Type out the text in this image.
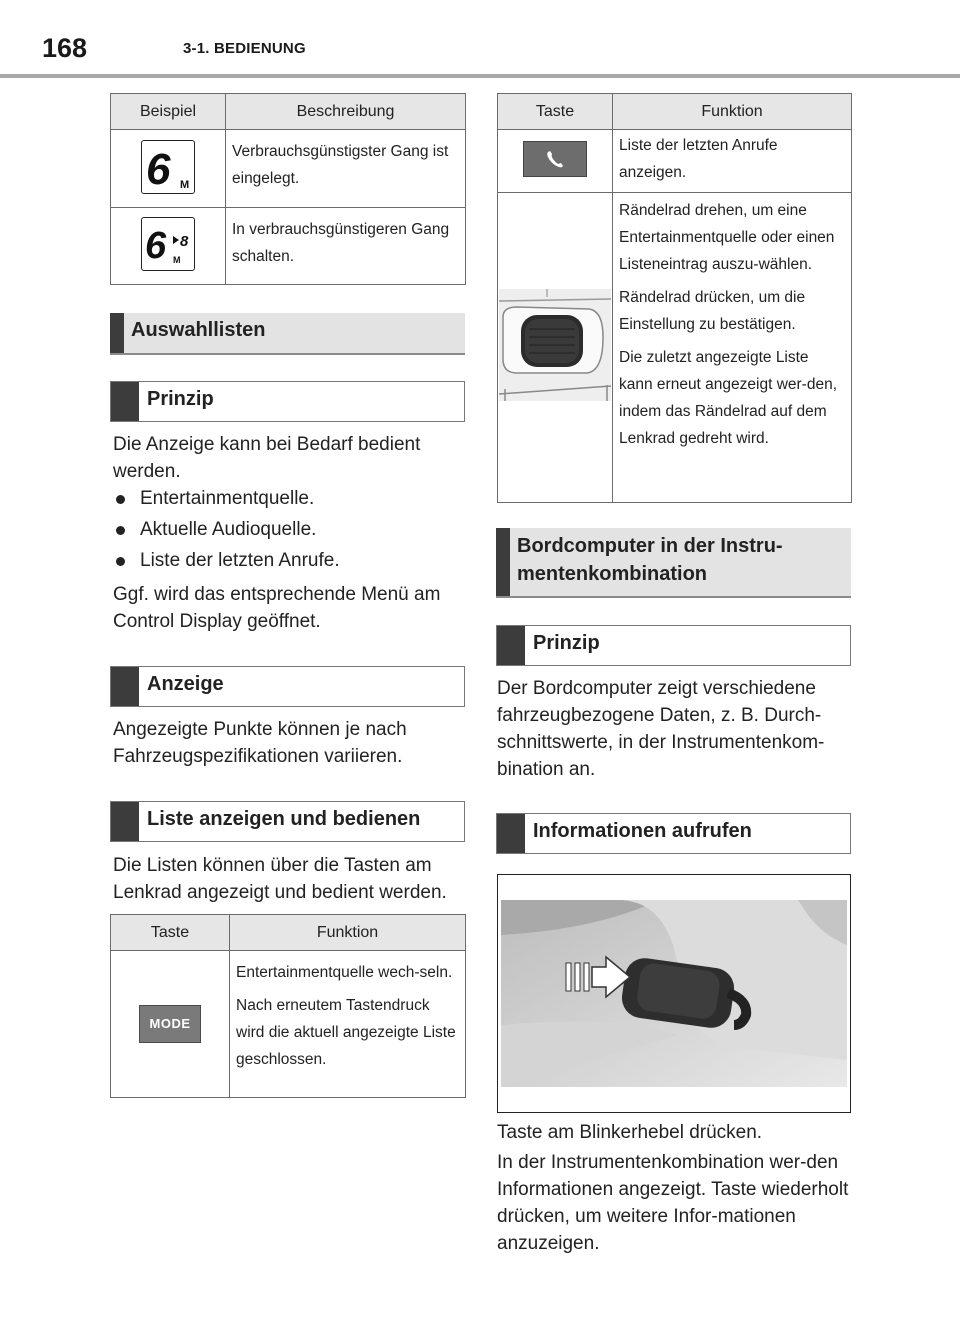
168	3-1. BEDIENUNG
Beispiel	Beschreibung

6 M	Verbrauchsgünstigster Gang ist eingelegt.

6 8
M	In verbrauchsgünstigeren Gang schalten.
Auswahllisten
Prinzip

Die Anzeige kann bei Bedarf bedient werden.

Entertainmentquelle.
Aktuelle Audioquelle.
Liste der letzten Anrufe.

Ggf. wird das entsprechende Menü am Control Display geöffnet.

Anzeige

Angezeigte Punkte können je nach Fahrzeugspezifikationen variieren.

Liste anzeigen und bedienen

Die Listen können über die Tasten am Lenkrad angezeigt und bedient werden.

Taste	Funktion
MODE	Entertainmentquelle wech-seln.

Nach erneutem Tastendruck wird die aktuell angezeigte Liste geschlossen.

Taste	Funktion
	Liste der letzten Anrufe anzeigen.

Rändelrad drehen, um eine Entertainmentquelle oder einen Listeneintrag auszu-wählen.

Rändelrad drücken, um die Einstellung zu bestätigen.

Die zuletzt angezeigte Liste kann erneut angezeigt wer-den, indem das Rändelrad auf dem Lenkrad gedreht wird.

Bordcomputer in der Instru-
mentenkombination
Prinzip

Der Bordcomputer zeigt verschiedene fahrzeugbezogene Daten, z. B. Durch-schnittswerte, in der Instrumentenkom-bination an.

Informationen aufrufen

Taste am Blinkerhebel drücken.

In der Instrumentenkombination wer-den Informationen angezeigt. Taste wiederholt drücken, um weitere Infor-mationen anzuzeigen.
